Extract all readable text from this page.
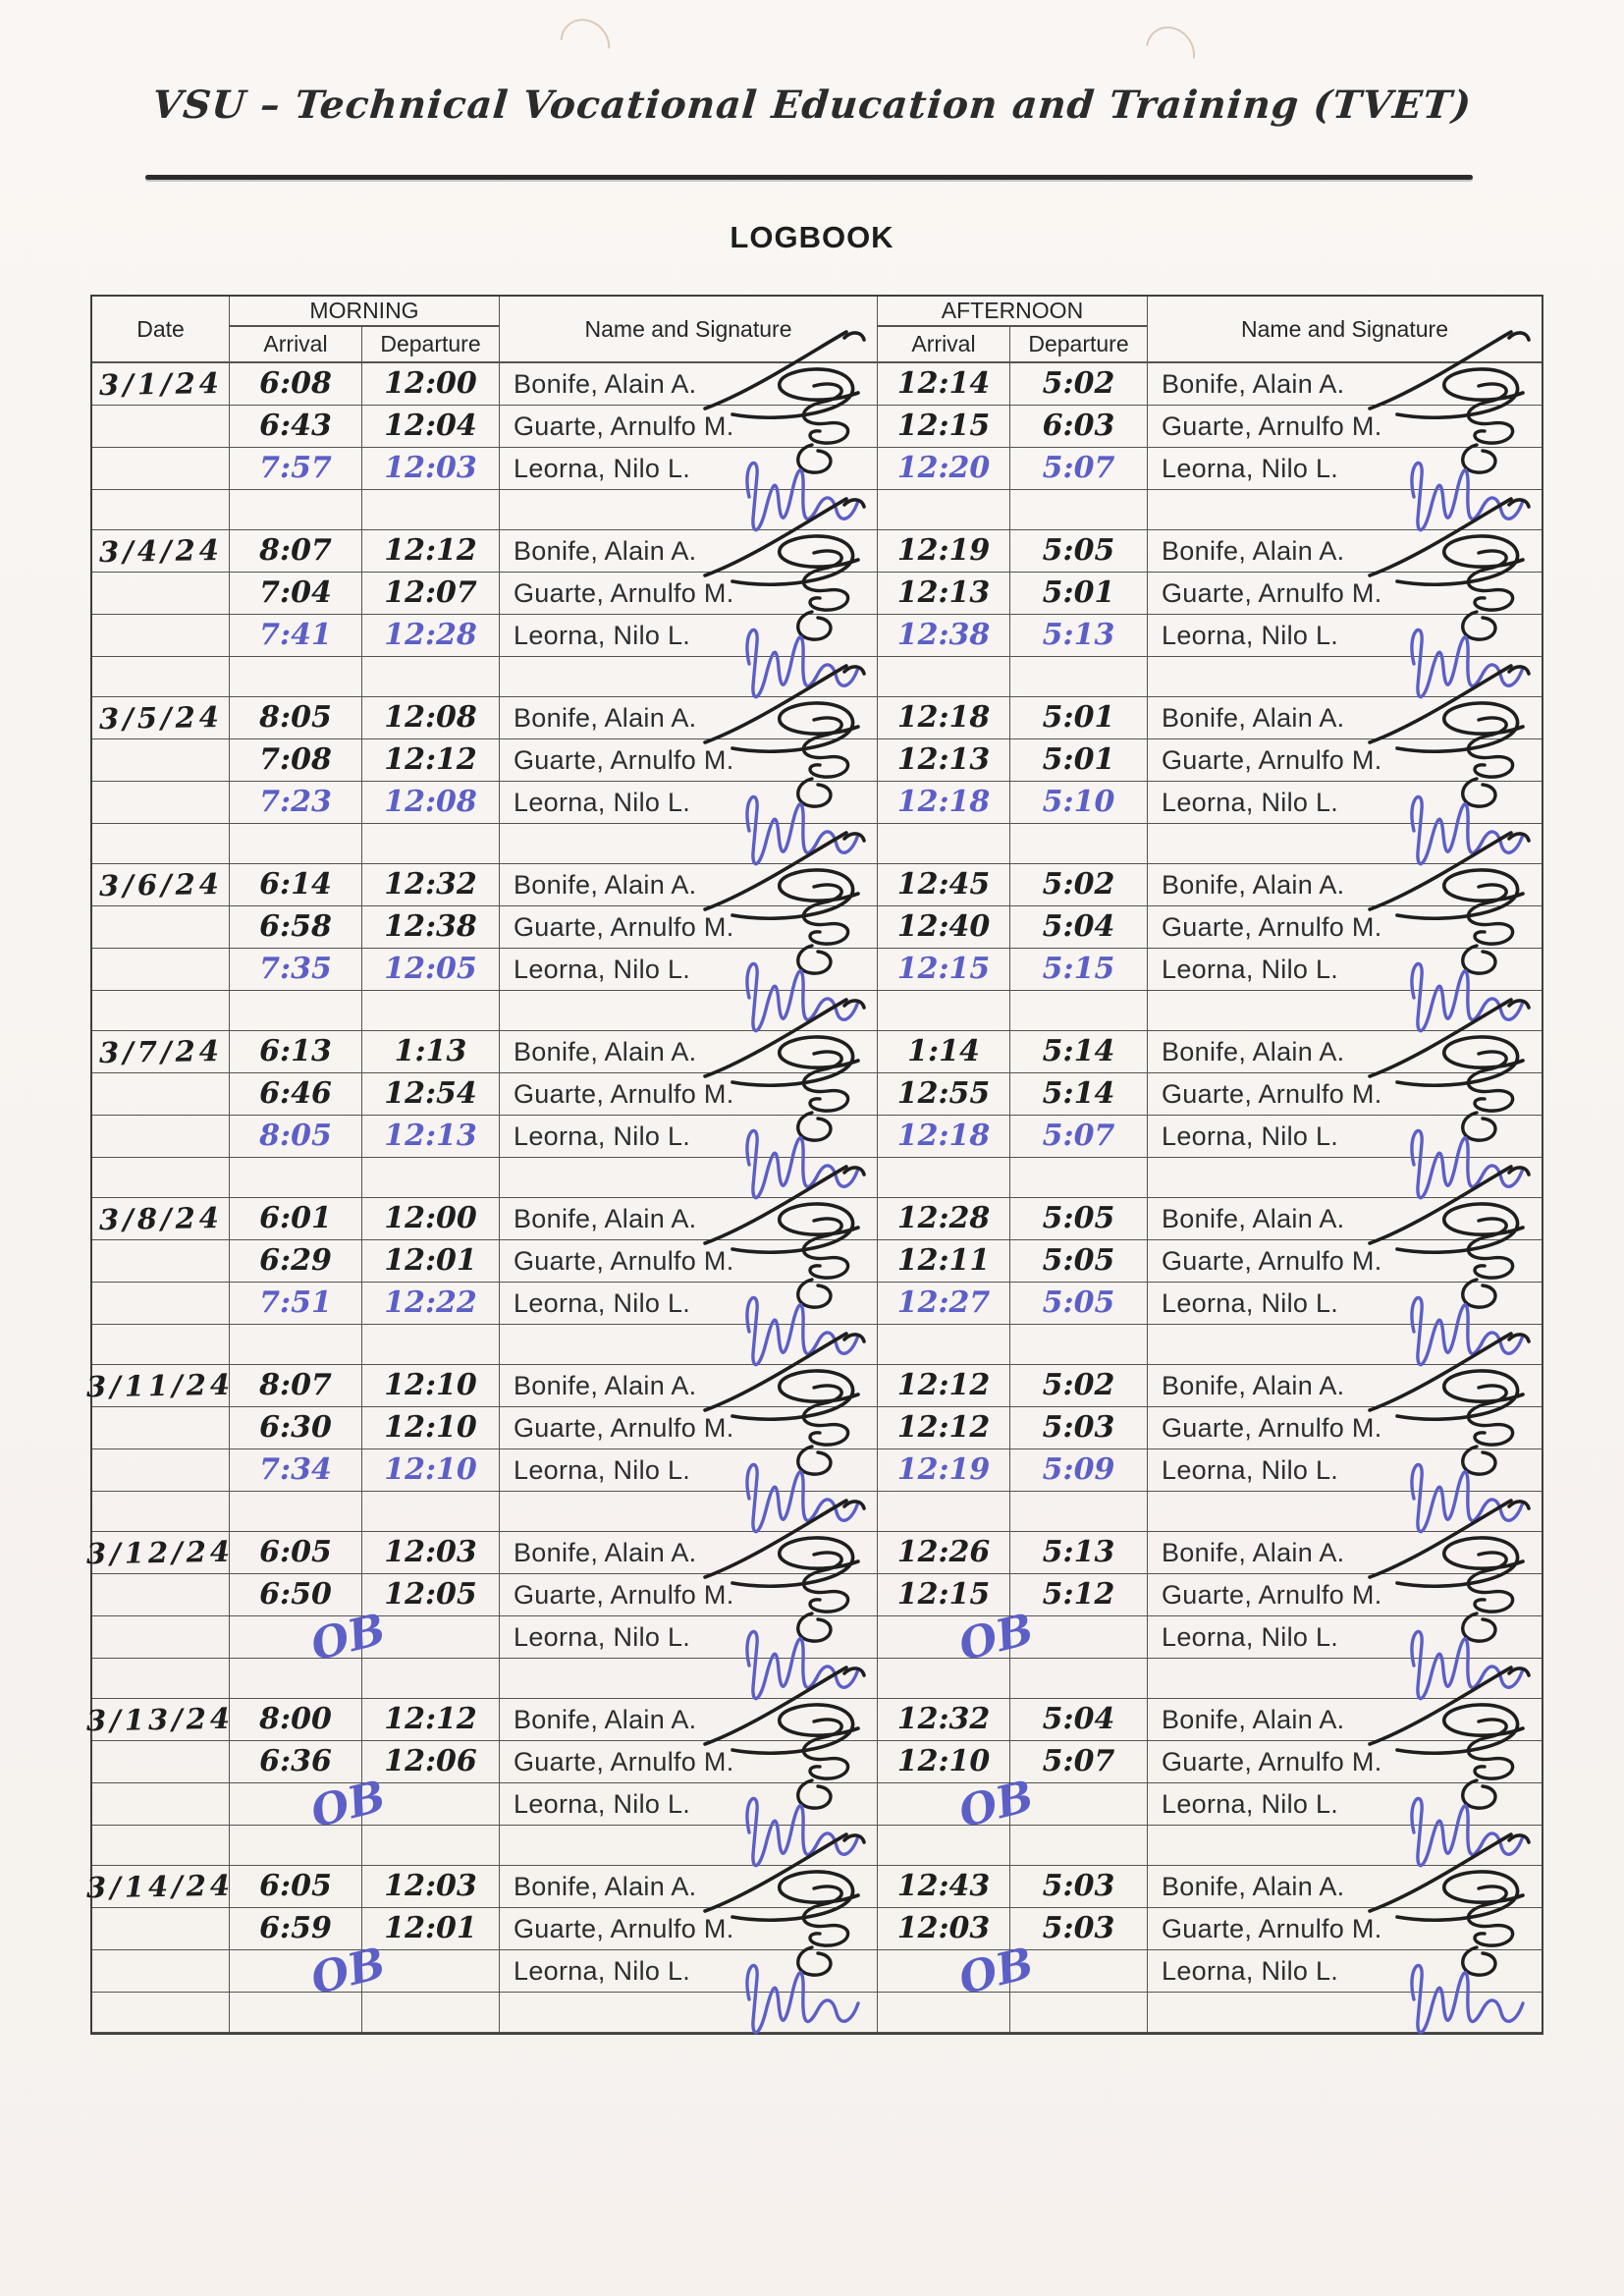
VSU – Technical Vocational Education and Training (TVET)
LOGBOOK
Date
MORNING
Name and Signature
AFTERNOON
Name and Signature
Arrival	Departure	Arrival	Departure
3/1/24 6:08 12:00 Bonife, Alain A.	12:14 5:02 Bonife, Alain A.
6:43 12:04 Guarte, Arnulfo M.	12:15 6:03 Guarte, Arnulfo M.
7:57 12:03 Leorna, Nilo L.	12:20 5:07 Leorna, Nilo L.
3/4/24 8:07 12:12 Bonife, Alain A.	12:19 5:05 Bonife, Alain A.
7:04 12:07 Guarte, Arnulfo M.	12:13 5:01 Guarte, Arnulfo M.
7:41 12:28 Leorna, Nilo L.	12:38 5:13 Leorna, Nilo L.
3/5/24 8:05 12:08 Bonife, Alain A.	12:18 5:01 Bonife, Alain A.
7:08 12:12 Guarte, Arnulfo M.	12:13 5:01 Guarte, Arnulfo M.
7:23 12:08 Leorna, Nilo L.	12:18 5:10 Leorna, Nilo L.
3/6/24 6:14 12:32 Bonife, Alain A.	12:45 5:02 Bonife, Alain A.
6:58 12:38 Guarte, Arnulfo M.	12:40 5:04 Guarte, Arnulfo M.
7:35 12:05 Leorna, Nilo L.	12:15 5:15 Leorna, Nilo L.
3/7/24 6:13 1:13 Bonife, Alain A.	1:14 5:14 Bonife, Alain A.
6:46 12:54 Guarte, Arnulfo M.	12:55 5:14 Guarte, Arnulfo M.
8:05 12:13 Leorna, Nilo L.	12:18 5:07 Leorna, Nilo L.
3/8/24 6:01 12:00 Bonife, Alain A.	12:28 5:05 Bonife, Alain A.
6:29 12:01 Guarte, Arnulfo M.	12:11 5:05 Guarte, Arnulfo M.
7:51 12:22 Leorna, Nilo L.	12:27 5:05 Leorna, Nilo L.
3/11/24 8:07 12:10 Bonife, Alain A.	12:12 5:02 Bonife, Alain A.
6:30 12:10 Guarte, Arnulfo M.	12:12 5:03 Guarte, Arnulfo M.
7:34 12:10 Leorna, Nilo L.	12:19 5:09 Leorna, Nilo L.
3/12/24 6:05 12:03 Bonife, Alain A.	12:26 5:13 Bonife, Alain A.
6:50 12:05 Guarte, Arnulfo M.	12:15 5:12 Guarte, Arnulfo M.
OB	Leorna, Nilo L.	OB	Leorna, Nilo L.
3/13/24 8:00 12:12 Bonife, Alain A.	12:32 5:04 Bonife, Alain A.
6:36 12:06 Guarte, Arnulfo M.	12:10 5:07 Guarte, Arnulfo M.
OB	Leorna, Nilo L.	OB	Leorna, Nilo L.
3/14/24 6:05 12:03 Bonife, Alain A.	12:43 5:03 Bonife, Alain A.
6:59 12:01 Guarte, Arnulfo M.	12:03 5:03 Guarte, Arnulfo M.
OB	Leorna, Nilo L.	OB	Leorna, Nilo L.
